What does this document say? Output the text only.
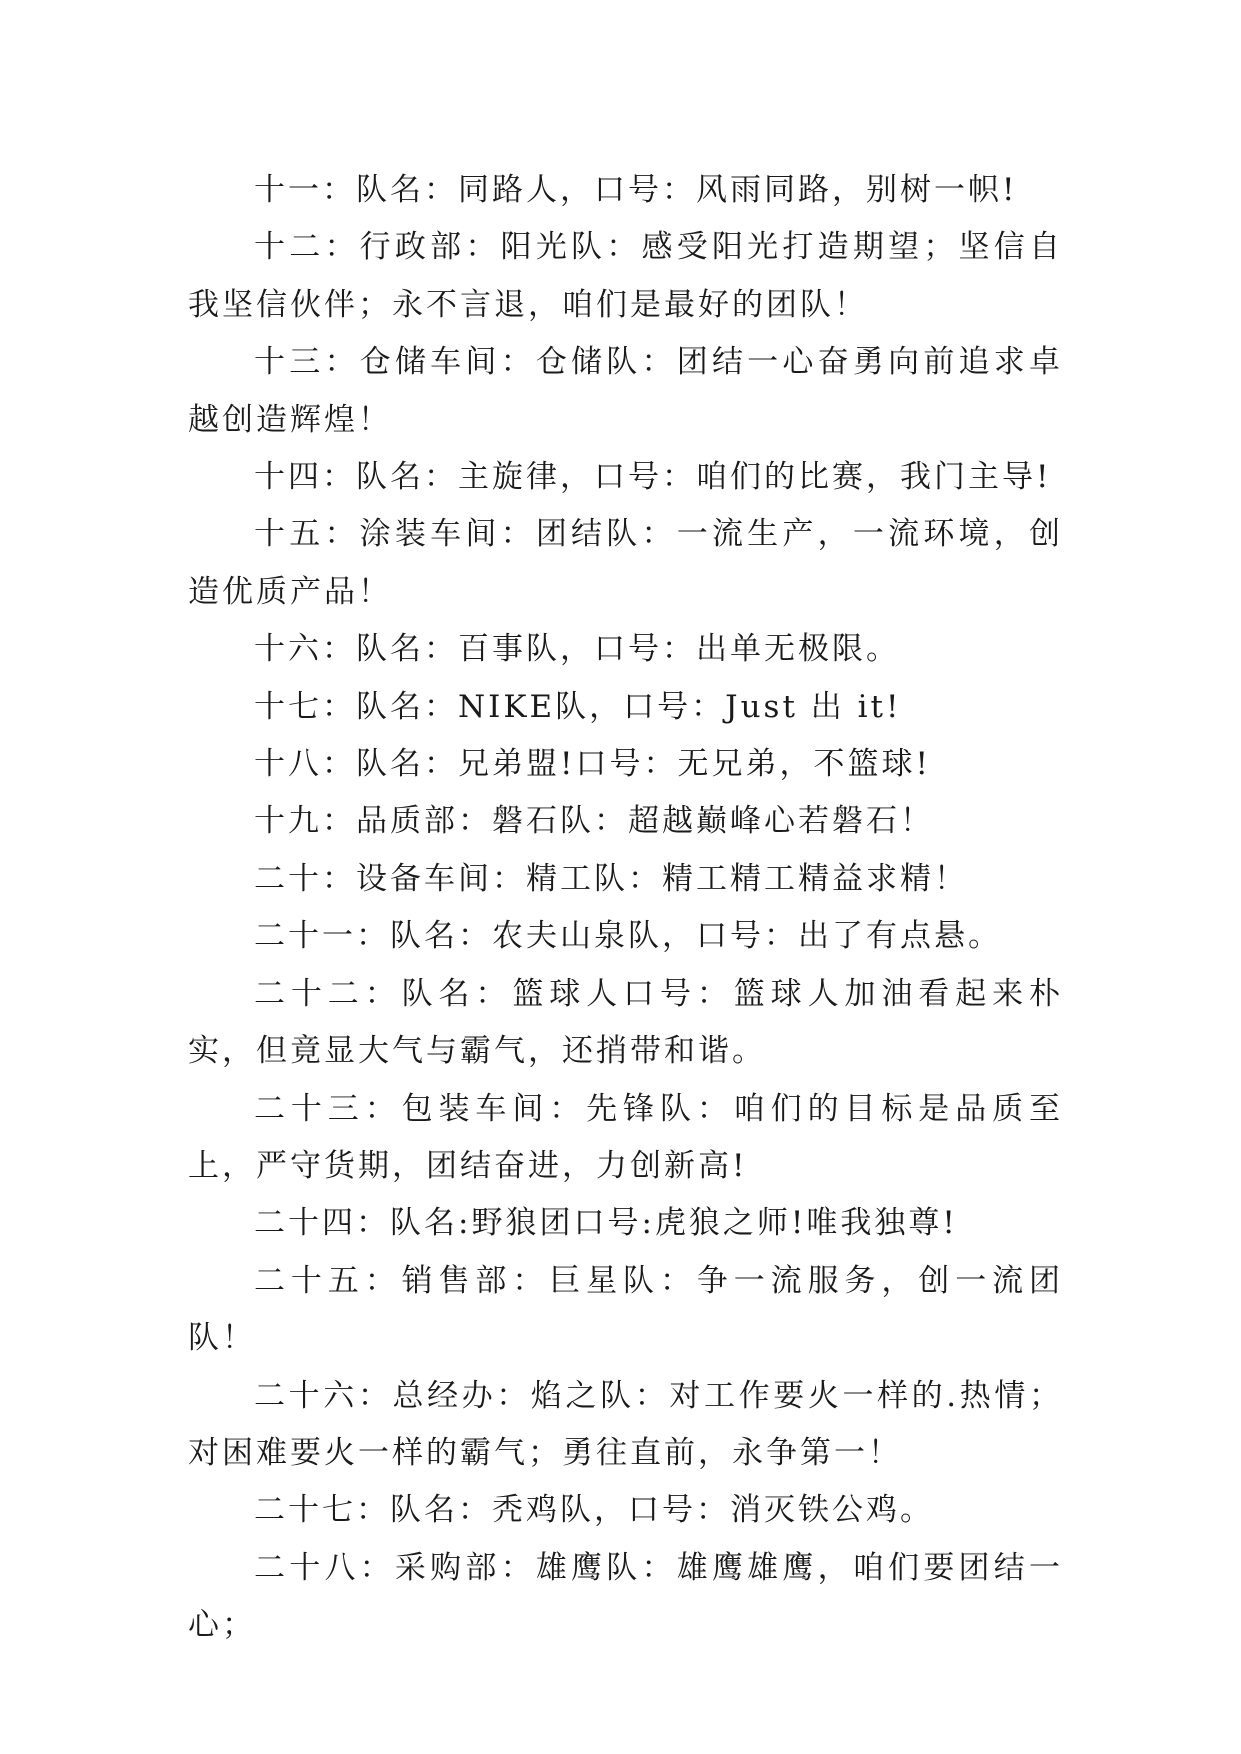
十一：队名：同路人，口号：风雨同路，别树一帜!

十二：行政部：阳光队：感受阳光打造期望；坚信自我坚信伙伴；永不言退，咱们是最好的团队！

十三：仓储车间：仓储队：团结一心奋勇向前追求卓越创造辉煌！

十四：队名：主旋律，口号：咱们的比赛，我门主导!

十五：涂装车间：团结队：一流生产，一流环境，创造优质产品！

十六：队名：百事队，口号：出单无极限。

十七：队名：NIKE队，口号：Just 出 it!

十八：队名：兄弟盟!口号：无兄弟，不篮球!

十九：品质部：磐石队：超越巅峰心若磐石！

二十：设备车间：精工队：精工精工精益求精！

二十一：队名：农夫山泉队，口号：出了有点悬。

二十二：队名：篮球人口号：篮球人加油看起来朴实，但竟显大气与霸气，还捎带和谐。

二十三：包装车间：先锋队：咱们的目标是品质至上，严守货期，团结奋进，力创新高!

二十四：队名:野狼团口号:虎狼之师!唯我独尊!

二十五：销售部：巨星队：争一流服务，创一流团队！

二十六：总经办：焰之队：对工作要火一样的.热情；对困难要火一样的霸气；勇往直前，永争第一！

二十七：队名：秃鸡队，口号：消灭铁公鸡。

二十八：采购部：雄鹰队：雄鹰雄鹰，咱们要团结一心；
